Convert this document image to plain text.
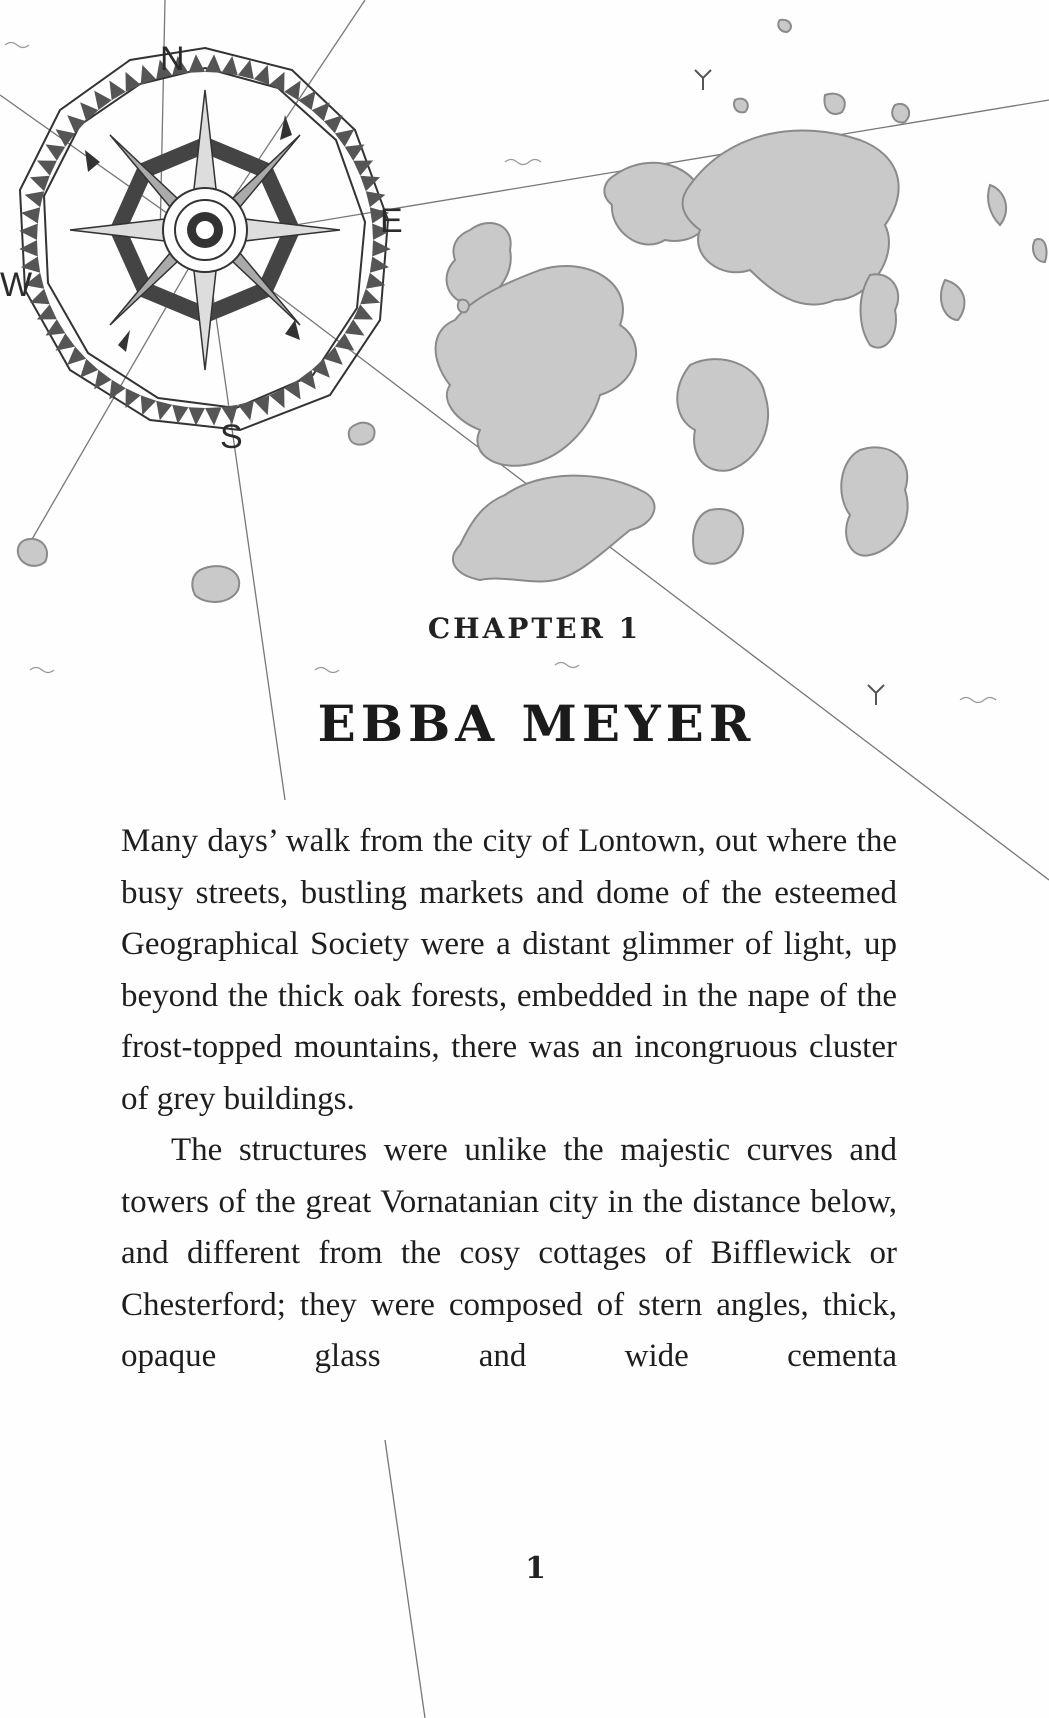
N
E
S
W
CHAPTER 1
EBBA MEYER

Many days’ walk from the city of Lontown, out where the busy streets, bustling markets and dome of the esteemed Geographical Society were a distant glimmer of light, up beyond the thick oak forests, embedded in the nape of the frost-topped mountains, there was an incongruous cluster of grey buildings.

The structures were unlike the majestic curves and towers of the great Vornatanian city in the distance below, and different from the cosy cottages of Bifflewick or Chesterford; they were composed of stern angles, thick, opaque glass and wide cementa

1
